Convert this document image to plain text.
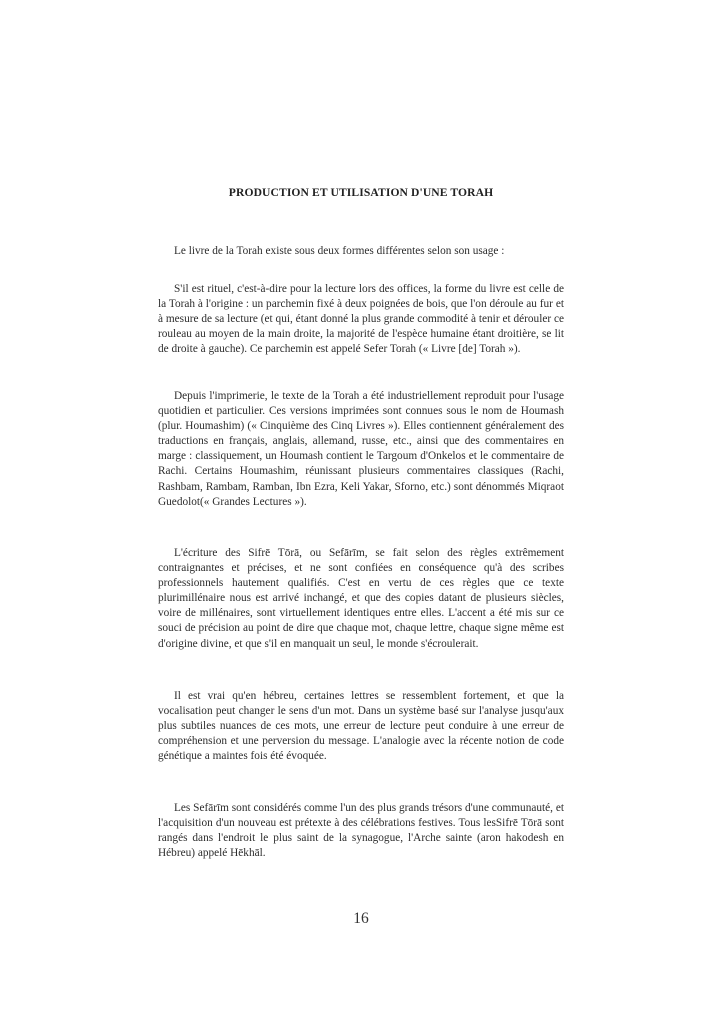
PRODUCTION ET UTILISATION D'UNE TORAH

Le livre de la Torah existe sous deux formes différentes selon son usage :

S'il est rituel, c'est-à-dire pour la lecture lors des offices, la forme du livre est celle de la Torah à l'origine : un parchemin fixé à deux poignées de bois, que l'on déroule au fur et à mesure de sa lecture (et qui, étant donné la plus grande commodité à tenir et dérouler ce rouleau au moyen de la main droite, la majorité de l'espèce humaine étant droitière, se lit de droite à gauche). Ce parchemin est appelé Sefer Torah (« Livre [de] Torah »).

Depuis l'imprimerie, le texte de la Torah a été industriellement reproduit pour l'usage quotidien et particulier. Ces versions imprimées sont connues sous le nom de Houmash (plur. Houmashim) (« Cinquième des Cinq Livres »). Elles contiennent généralement des traductions en français, anglais, allemand, russe, etc., ainsi que des commentaires en marge : classiquement, un Houmash contient le Targoum d'Onkelos et le commentaire de Rachi. Certains Houmashim, réunissant plusieurs commentaires classiques (Rachi, Rashbam, Rambam, Ramban, Ibn Ezra, Keli Yakar, Sforno, etc.) sont dénommés Miqraot Guedolot(« Grandes Lectures »).

L'écriture des Sifrē Tōrā, ou Sefārīm, se fait selon des règles extrêmement contraignantes et précises, et ne sont confiées en conséquence qu'à des scribes professionnels hautement qualifiés. C'est en vertu de ces règles que ce texte plurimillénaire nous est arrivé inchangé, et que des copies datant de plusieurs siècles, voire de millénaires, sont virtuellement identiques entre elles. L'accent a été mis sur ce souci de précision au point de dire que chaque mot, chaque lettre, chaque signe même est d'origine divine, et que s'il en manquait un seul, le monde s'écroulerait.

Il est vrai qu'en hébreu, certaines lettres se ressemblent fortement, et que la vocalisation peut changer le sens d'un mot. Dans un système basé sur l'analyse jusqu'aux plus subtiles nuances de ces mots, une erreur de lecture peut conduire à une erreur de compréhension et une perversion du message. L'analogie avec la récente notion de code génétique a maintes fois été évoquée.

Les Sefārīm sont considérés comme l'un des plus grands trésors d'une communauté, et l'acquisition d'un nouveau est prétexte à des célébrations festives. Tous lesSifrē Tōrā sont rangés dans l'endroit le plus saint de la synagogue, l'Arche sainte (aron hakodesh en Hébreu) appelé Hēkhāl.

16
